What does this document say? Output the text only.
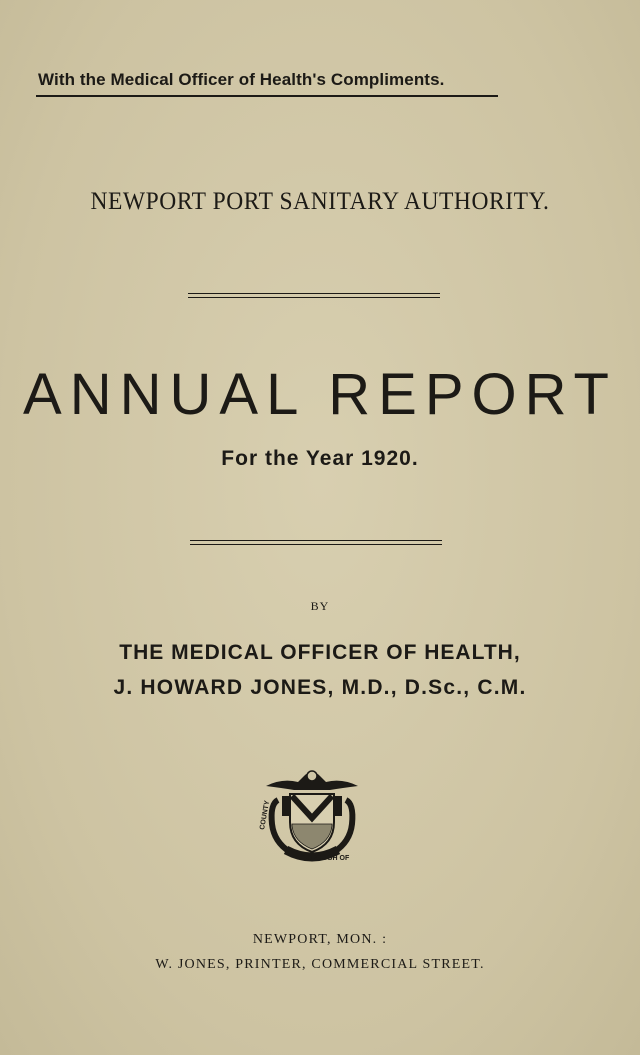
With the Medical Officer of Health's Compliments.
NEWPORT PORT SANITARY AUTHORITY.
ANNUAL REPORT
For the Year 1920.
BY
THE MEDICAL OFFICER OF HEALTH,
J. HOWARD JONES, M.D., D.Sc., C.M.
BOROUGH OF
COUNTY
NEWPORT, MON. :
W. JONES, PRINTER, COMMERCIAL STREET.
